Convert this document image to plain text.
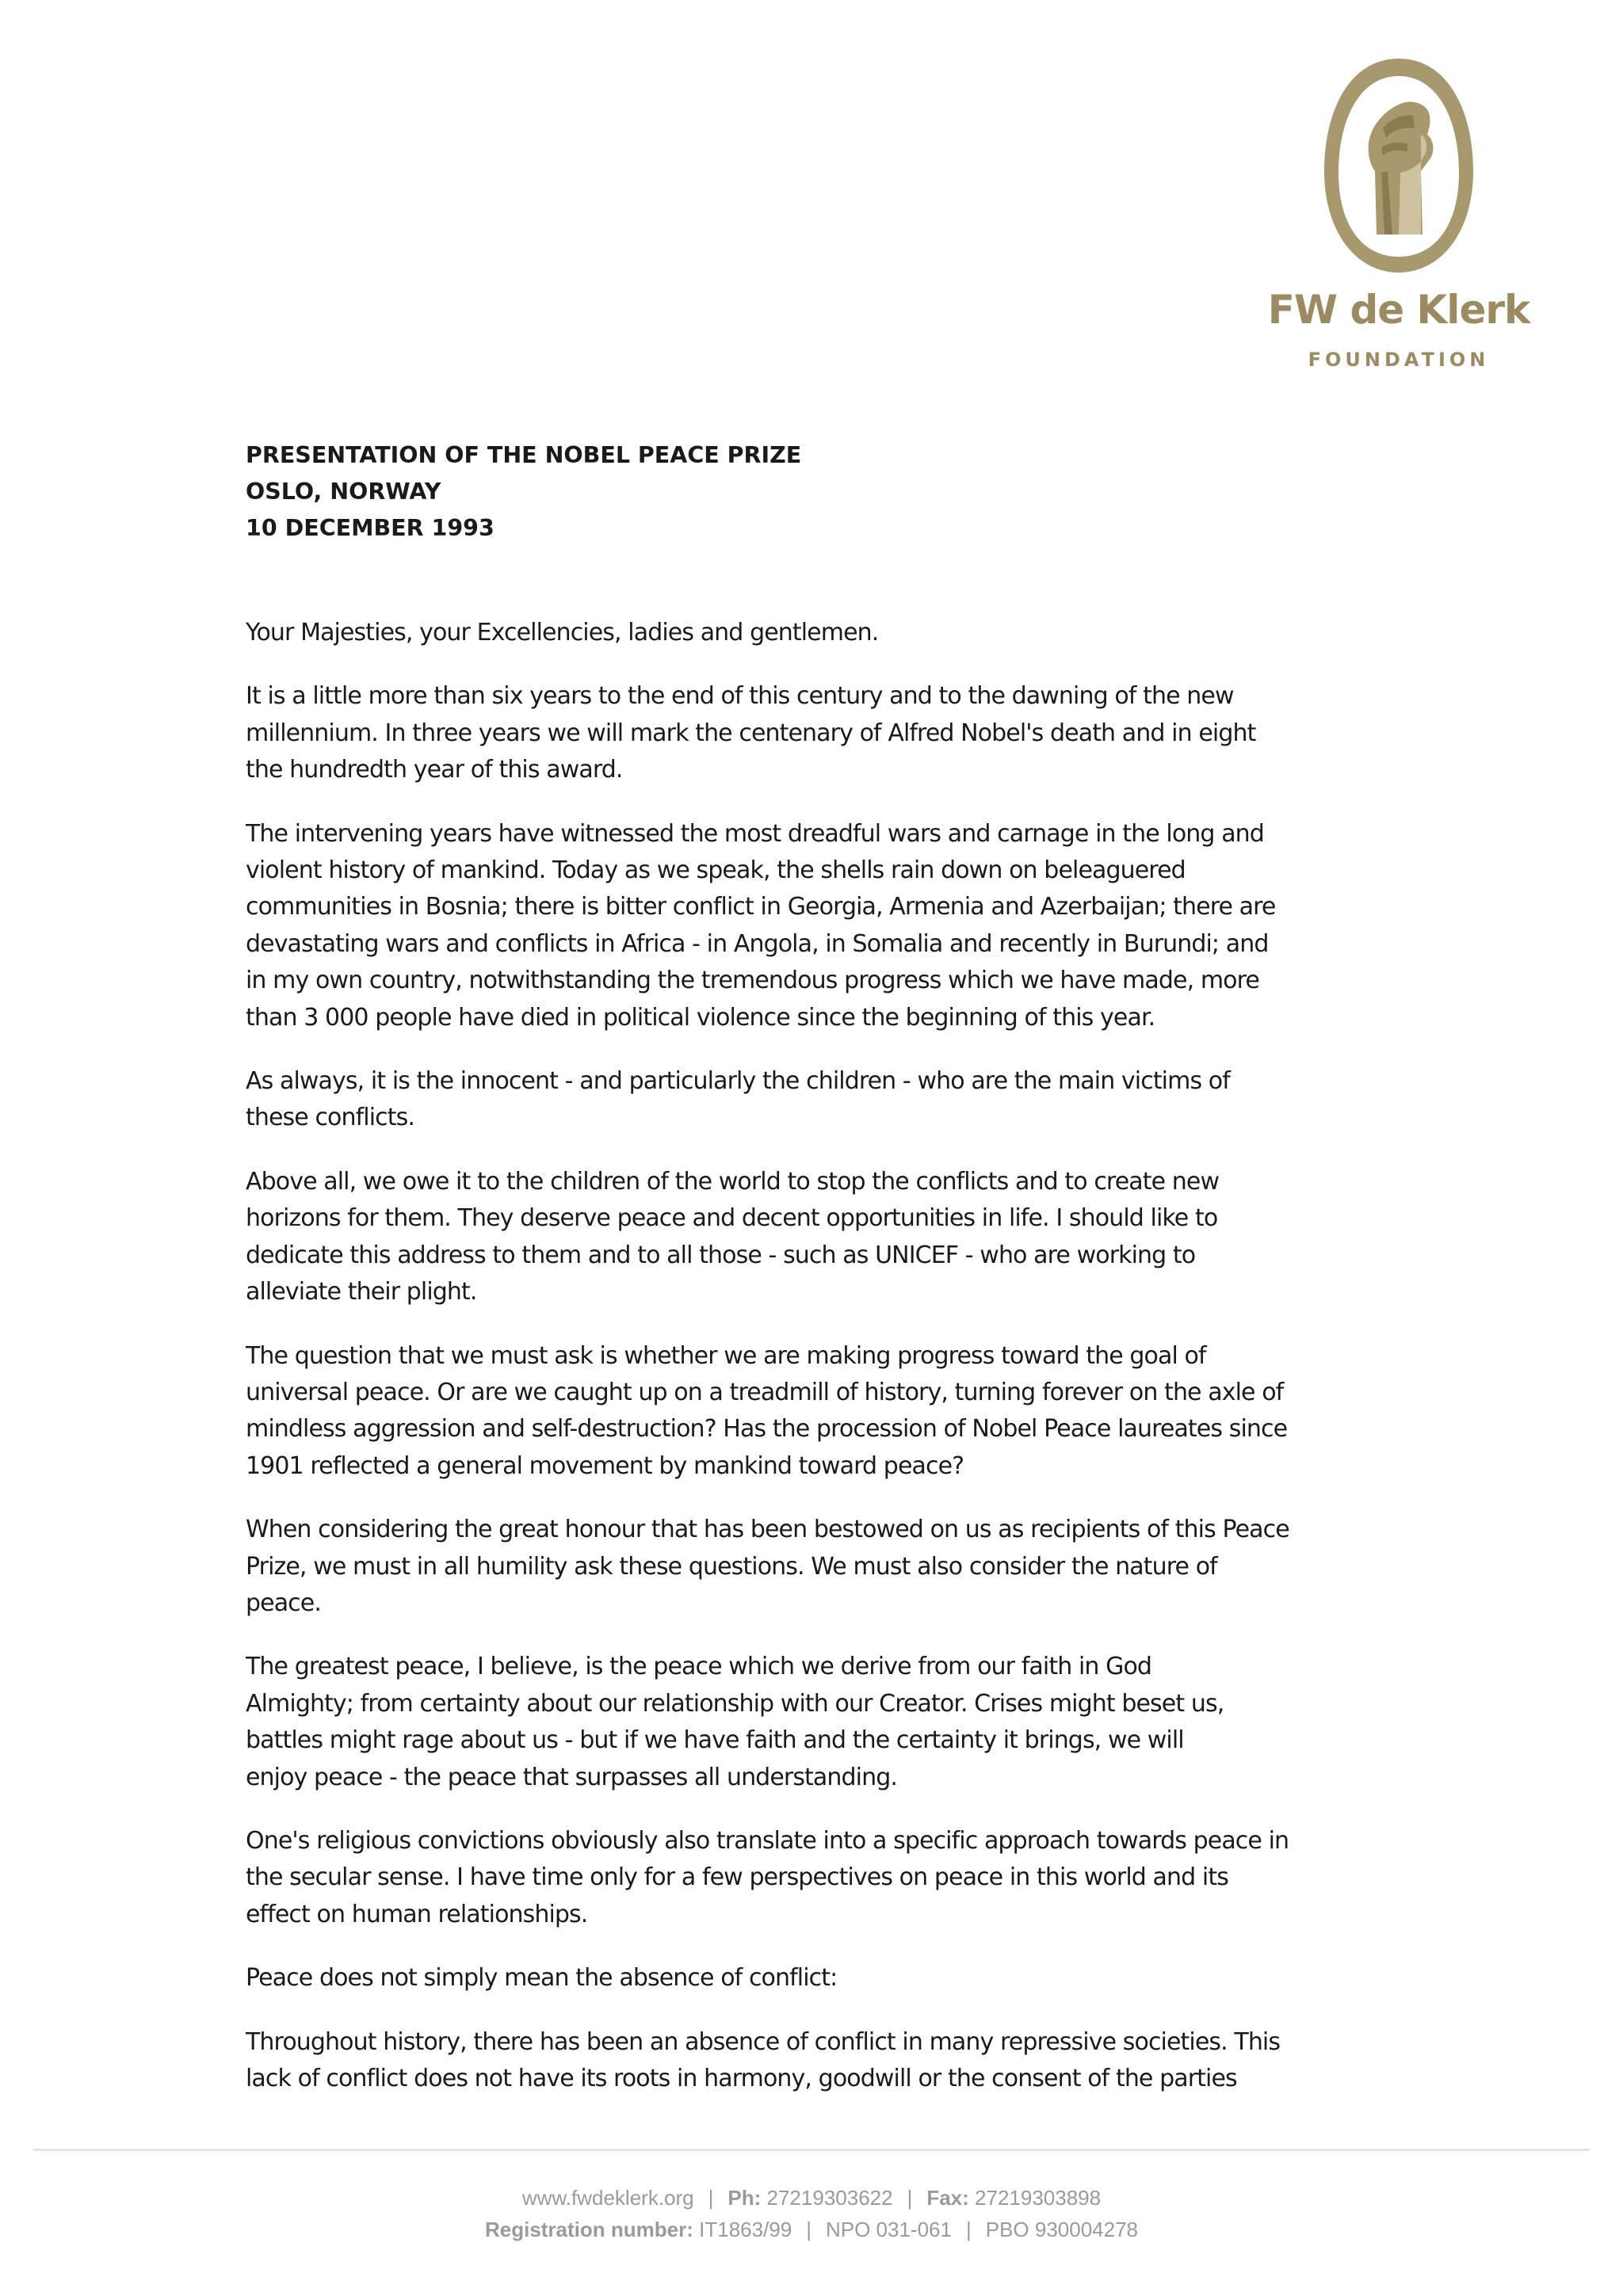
FW de Klerk
FOUNDATION
PRESENTATION OF THE NOBEL PEACE PRIZE
OSLO, NORWAY
10 DECEMBER 1993

Your Majesties, your Excellencies, ladies and gentlemen.

It is a little more than six years to the end of this century and to the dawning of the new
millennium. In three years we will mark the centenary of Alfred Nobel's death and in eight
the hundredth year of this award.

The intervening years have witnessed the most dreadful wars and carnage in the long and
violent history of mankind. Today as we speak, the shells rain down on beleaguered
communities in Bosnia; there is bitter conflict in Georgia, Armenia and Azerbaijan; there are
devastating wars and conflicts in Africa - in Angola, in Somalia and recently in Burundi; and
in my own country, notwithstanding the tremendous progress which we have made, more
than 3 000 people have died in political violence since the beginning of this year.

As always, it is the innocent - and particularly the children - who are the main victims of
these conflicts.

Above all, we owe it to the children of the world to stop the conflicts and to create new
horizons for them. They deserve peace and decent opportunities in life. I should like to
dedicate this address to them and to all those - such as UNICEF - who are working to
alleviate their plight.

The question that we must ask is whether we are making progress toward the goal of
universal peace. Or are we caught up on a treadmill of history, turning forever on the axle of
mindless aggression and self-destruction? Has the procession of Nobel Peace laureates since
1901 reflected a general movement by mankind toward peace?

When considering the great honour that has been bestowed on us as recipients of this Peace
Prize, we must in all humility ask these questions. We must also consider the nature of
peace.

The greatest peace, I believe, is the peace which we derive from our faith in God
Almighty; from certainty about our relationship with our Creator. Crises might beset us,
battles might rage about us - but if we have faith and the certainty it brings, we will
enjoy peace - the peace that surpasses all understanding.

One's religious convictions obviously also translate into a specific approach towards peace in
the secular sense. I have time only for a few perspectives on peace in this world and its
effect on human relationships.

Peace does not simply mean the absence of conflict:

Throughout history, there has been an absence of conflict in many repressive societies. This
lack of conflict does not have its roots in harmony, goodwill or the consent of the parties

www.fwdeklerk.org | Ph: 27219303622 | Fax: 27219303898
Registration number: IT1863/99 | NPO 031-061 | PBO 930004278
